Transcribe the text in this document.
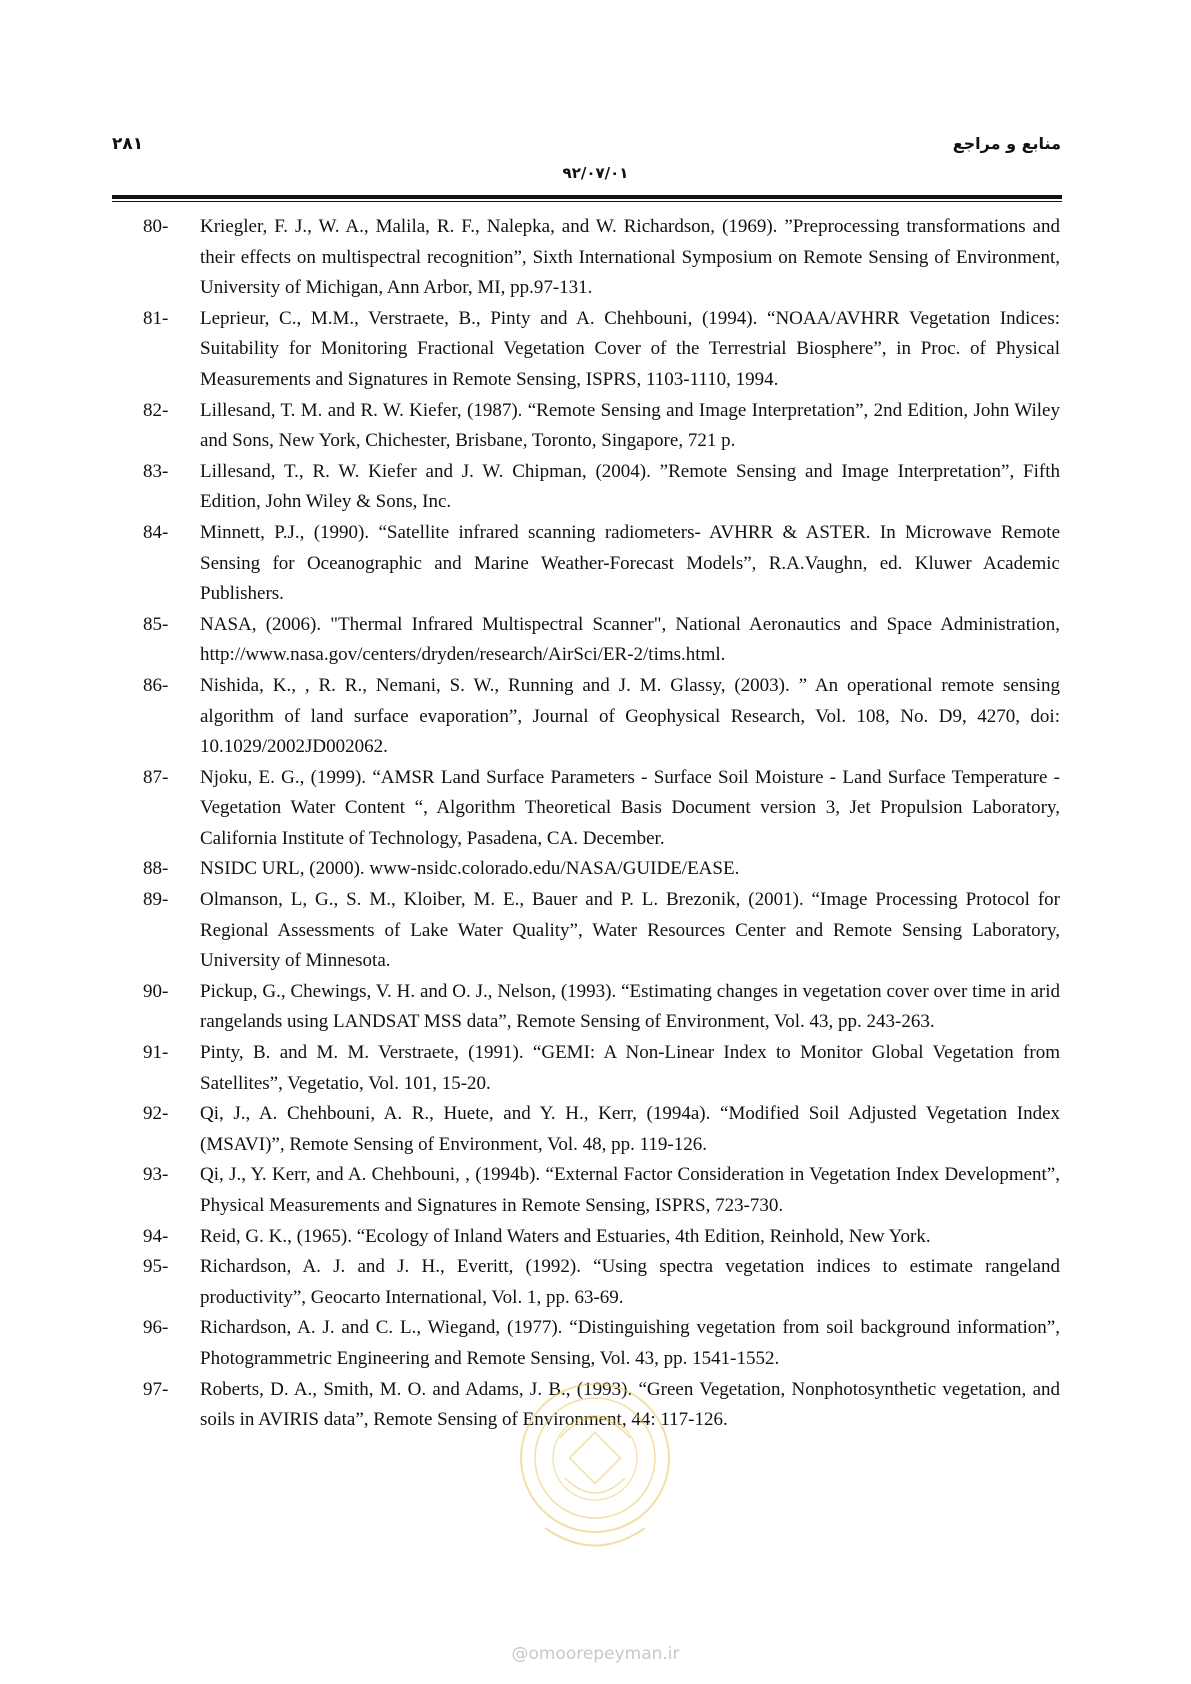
۲۸۱	منابع و مراجع
۹۲/۰۷/۰۱
80- Kriegler, F. J., W. A., Malila, R. F., Nalepka, and W. Richardson, (1969). ”Preprocessing transformations and their effects on multispectral recognition”, Sixth International Symposium on Remote Sensing of Environment, University of Michigan, Ann Arbor, MI, pp.97-131.
81- Leprieur, C., M.M., Verstraete, B., Pinty and A. Chehbouni, (1994). “NOAA/AVHRR Vegetation Indices: Suitability for Monitoring Fractional Vegetation Cover of the Terrestrial Biosphere”, in Proc. of Physical Measurements and Signatures in Remote Sensing, ISPRS, 1103-1110, 1994.
82- Lillesand, T. M. and R. W. Kiefer, (1987). “Remote Sensing and Image Interpretation”, 2nd Edition, John Wiley and Sons, New York, Chichester, Brisbane, Toronto, Singapore, 721 p.
83- Lillesand, T., R. W. Kiefer and J. W. Chipman, (2004). ”Remote Sensing and Image Interpretation”, Fifth Edition, John Wiley & Sons, Inc.
84- Minnett, P.J., (1990). “Satellite infrared scanning radiometers- AVHRR & ASTER. In Microwave Remote Sensing for Oceanographic and Marine Weather-Forecast Models”, R.A.Vaughn, ed. Kluwer Academic Publishers.
85- NASA, (2006). "Thermal Infrared Multispectral Scanner", National Aeronautics and Space Administration, http://www.nasa.gov/centers/dryden/research/AirSci/ER-2/tims.html.
86- Nishida, K., , R. R., Nemani, S. W., Running and J. M. Glassy, (2003). ” An operational remote sensing algorithm of land surface evaporation”, Journal of Geophysical Research, Vol. 108, No. D9, 4270, doi: 10.1029/2002JD002062.
87- Njoku, E. G., (1999). “AMSR Land Surface Parameters - Surface Soil Moisture - Land Surface Temperature - Vegetation Water Content “, Algorithm Theoretical Basis Document version 3, Jet Propulsion Laboratory, California Institute of Technology, Pasadena, CA. December.
88- NSIDC URL, (2000). www-nsidc.colorado.edu/NASA/GUIDE/EASE.
89- Olmanson, L, G., S. M., Kloiber, M. E., Bauer and P. L. Brezonik, (2001). “Image Processing Protocol for Regional Assessments of Lake Water Quality”, Water Resources Center and Remote Sensing Laboratory, University of Minnesota.
90- Pickup, G., Chewings, V. H. and O. J., Nelson, (1993). “Estimating changes in vegetation cover over time in arid rangelands using LANDSAT MSS data”, Remote Sensing of Environment, Vol. 43, pp. 243-263.
91- Pinty, B. and M. M. Verstraete, (1991). “GEMI: A Non-Linear Index to Monitor Global Vegetation from Satellites”, Vegetatio, Vol. 101, 15-20.
92- Qi, J., A. Chehbouni, A. R., Huete, and Y. H., Kerr, (1994a). “Modified Soil Adjusted Vegetation Index (MSAVI)”, Remote Sensing of Environment, Vol. 48, pp. 119-126.
93- Qi, J., Y. Kerr, and A. Chehbouni, , (1994b). “External Factor Consideration in Vegetation Index Development”, Physical Measurements and Signatures in Remote Sensing, ISPRS, 723-730.
94- Reid, G. K., (1965). “Ecology of Inland Waters and Estuaries, 4th Edition, Reinhold, New York.
95- Richardson, A. J. and J. H., Everitt, (1992). “Using spectra vegetation indices to estimate rangeland productivity”, Geocarto International, Vol. 1, pp. 63-69.
96- Richardson, A. J. and C. L., Wiegand, (1977). “Distinguishing vegetation from soil background information”, Photogrammetric Engineering and Remote Sensing, Vol. 43, pp. 1541-1552.
97- Roberts, D. A., Smith, M. O. and Adams, J. B., (1993). “Green Vegetation, Nonphotosynthetic vegetation, and soils in AVIRIS data”, Remote Sensing of Environment, 44: 117-126.
@omoorepeyman.ir
